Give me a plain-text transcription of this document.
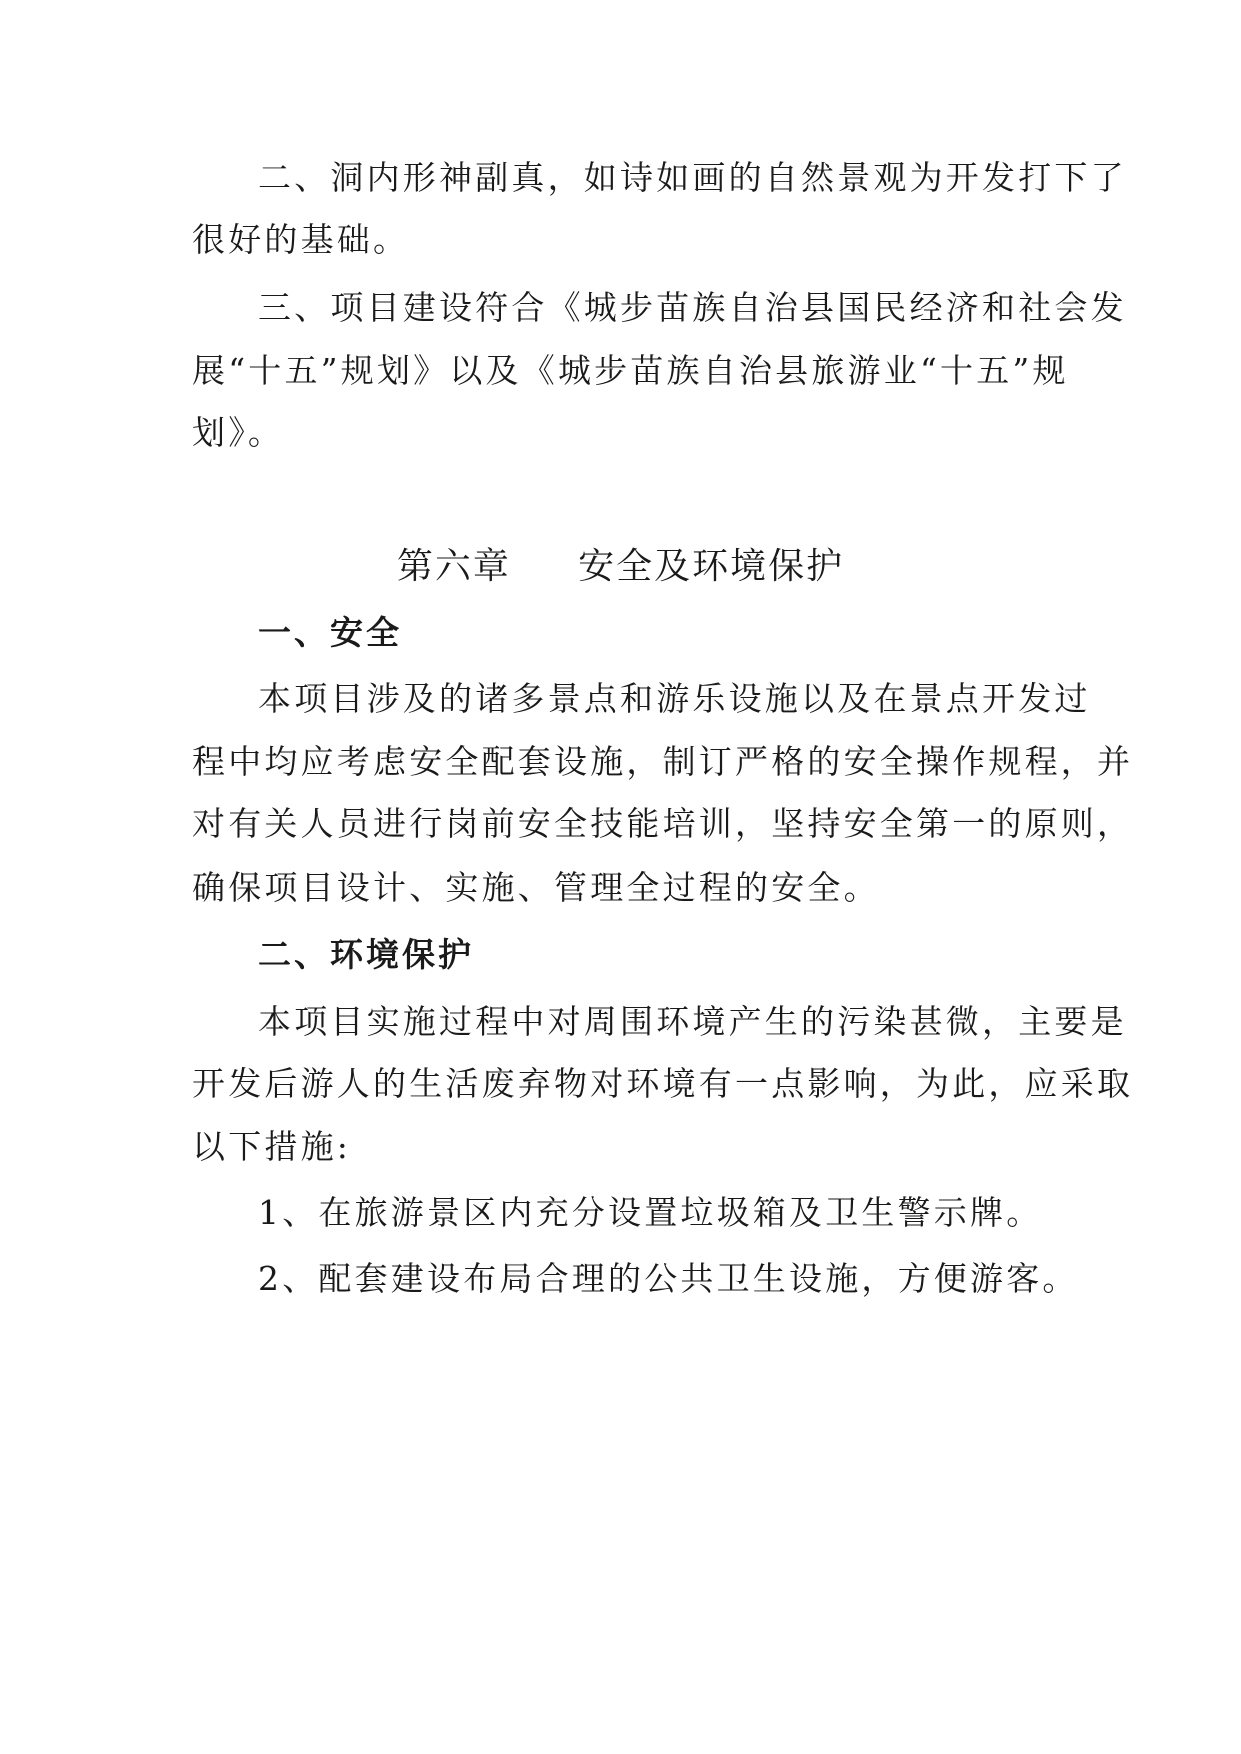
二、洞内形神副真，如诗如画的自然景观为开发打下了

很好的基础。

三、项目建设符合《城步苗族自治县国民经济和社会发

展“十五”规划》以及《城步苗族自治县旅游业“十五”规

划》。

第六章     安全及环境保护
一、安全

本项目涉及的诸多景点和游乐设施以及在景点开发过

程中均应考虑安全配套设施，制订严格的安全操作规程，并

对有关人员进行岗前安全技能培训，坚持安全第一的原则，

确保项目设计、实施、管理全过程的安全。

二、环境保护

本项目实施过程中对周围环境产生的污染甚微，主要是

开发后游人的生活废弃物对环境有一点影响，为此，应采取

以下措施:

1、在旅游景区内充分设置垃圾箱及卫生警示牌。

2、配套建设布局合理的公共卫生设施，方便游客。
